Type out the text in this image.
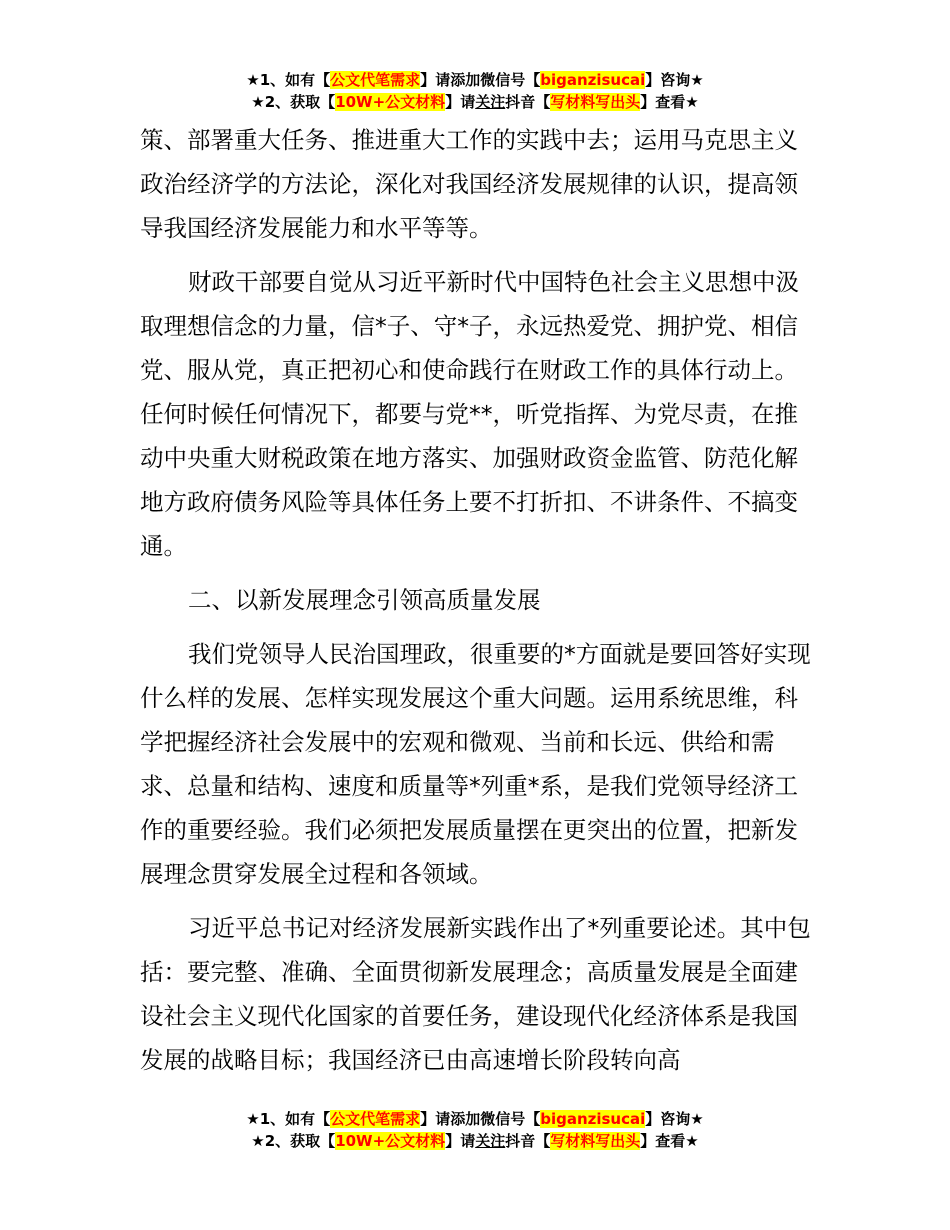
★1、如有【公文代笔需求】请添加微信号【biganzisucai】咨询★
★2、获取【10W+公文材料】请关注抖音【写材料写出头】查看★

策、部署重大任务、推进重大工作的实践中去；运用马克思主义政治经济学的方法论，深化对我国经济发展规律的认识，提高领导我国经济发展能力和水平等等。

财政干部要自觉从习近平新时代中国特色社会主义思想中汲取理想信念的力量，信*子、守*子，永远热爱党、拥护党、相信党、服从党，真正把初心和使命践行在财政工作的具体行动上。任何时候任何情况下，都要与党**，听党指挥、为党尽责，在推动中央重大财税政策在地方落实、加强财政资金监管、防范化解地方政府债务风险等具体任务上要不打折扣、不讲条件、不搞变通。

二、以新发展理念引领高质量发展

我们党领导人民治国理政，很重要的*方面就是要回答好实现什么样的发展、怎样实现发展这个重大问题。运用系统思维，科学把握经济社会发展中的宏观和微观、当前和长远、供给和需求、总量和结构、速度和质量等*列重*系，是我们党领导经济工作的重要经验。我们必须把发展质量摆在更突出的位置，把新发展理念贯穿发展全过程和各领域。

习近平总书记对经济发展新实践作出了*列重要论述。其中包括：要完整、准确、全面贯彻新发展理念；高质量发展是全面建设社会主义现代化国家的首要任务，建设现代化经济体系是我国发展的战略目标；我国经济已由高速增长阶段转向高

★1、如有【公文代笔需求】请添加微信号【biganzisucai】咨询★
★2、获取【10W+公文材料】请关注抖音【写材料写出头】查看★
